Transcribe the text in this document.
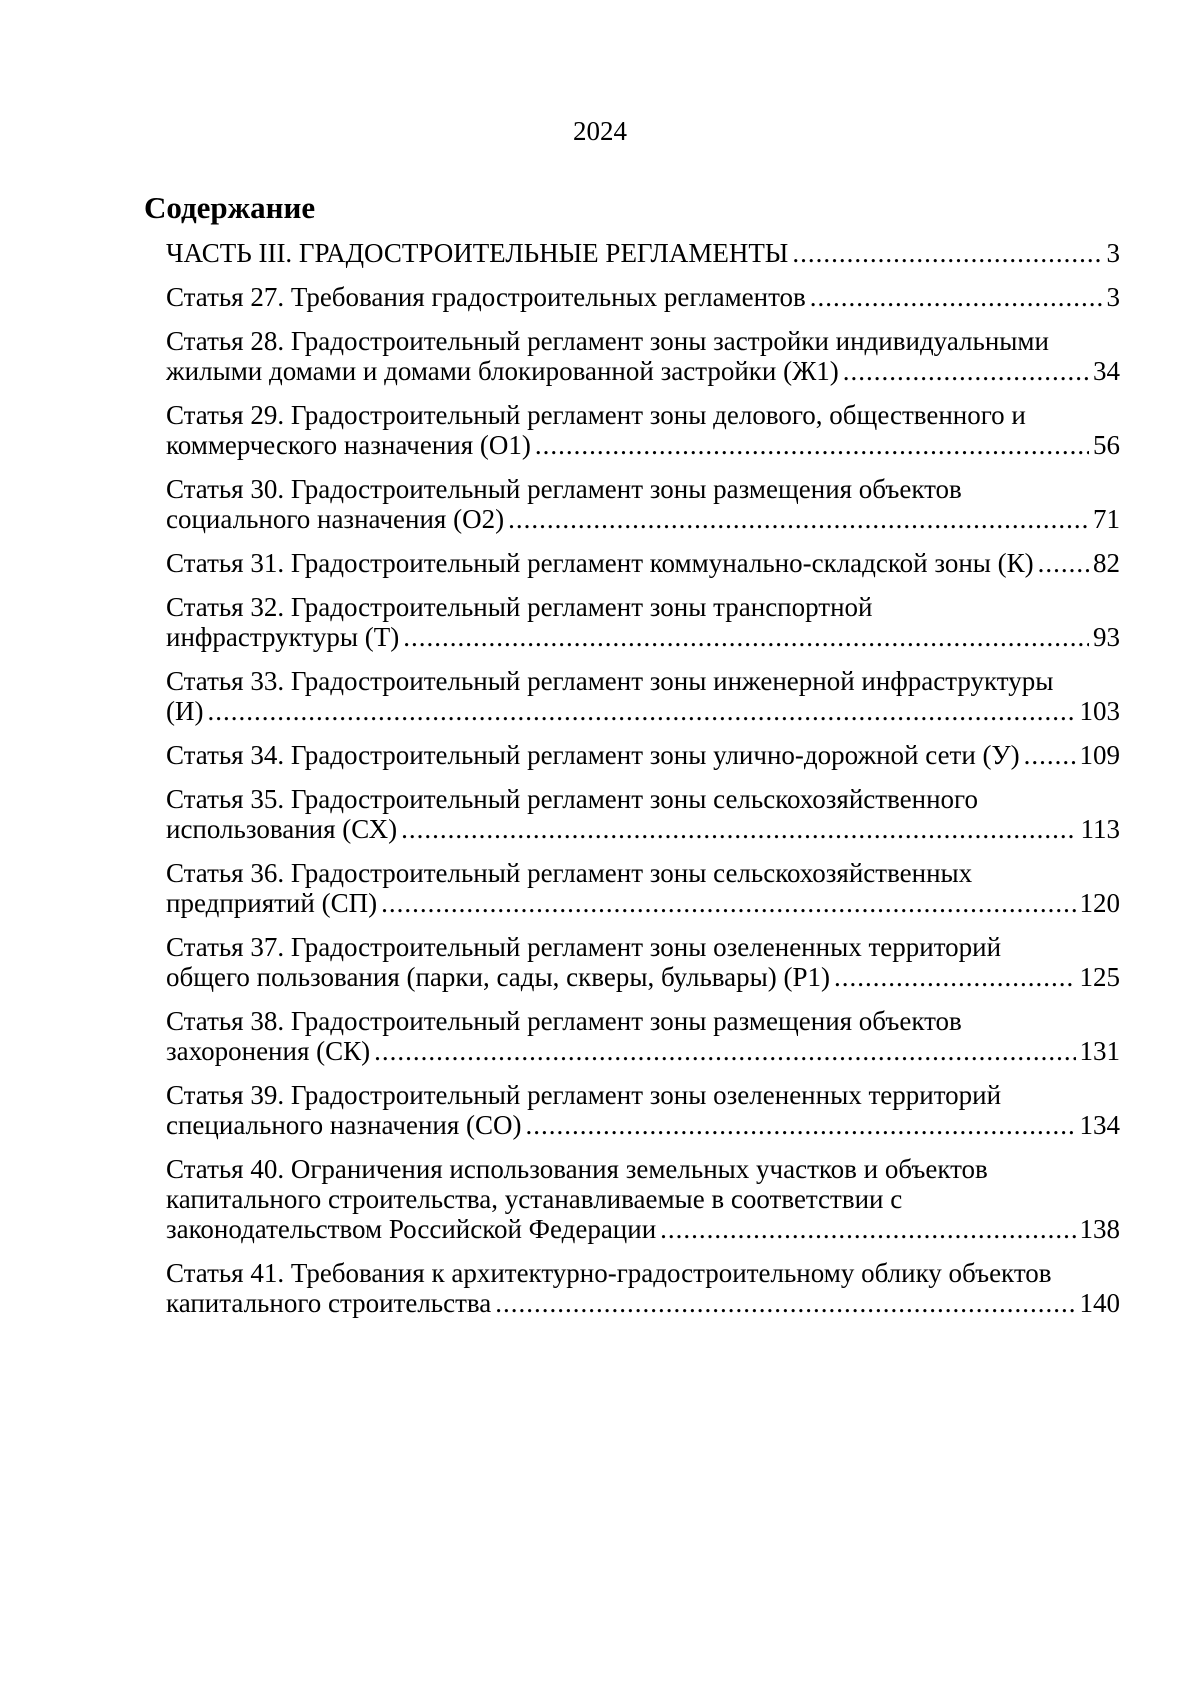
2024
Содержание
ЧАСТЬ III. ГРАДОСТРОИТЕЛЬНЫЕ РЕГЛАМЕНТЫ .....	3
Статья 27. Требования градостроительных регламентов .....	3
Статья 28. Градостроительный регламент зоны застройки индивидуальными
жилыми домами и домами блокированной застройки (Ж1) .....	34
Статья 29. Градостроительный регламент зоны делового, общественного и
коммерческого назначения (О1) .....	56
Статья 30. Градостроительный регламент зоны размещения объектов
социального назначения (О2) .....	71
Статья 31. Градостроительный регламент коммунально-складской зоны (К) ..... 82
Статья 32. Градостроительный регламент зоны транспортной
инфраструктуры (Т) .....	93
Статья 33. Градостроительный регламент зоны инженерной инфраструктуры
(И) .....	103
Статья 34. Градостроительный регламент зоны улично-дорожной сети (У) ..... 109
Статья 35. Градостроительный регламент зоны сельскохозяйственного
использования (СХ) .....	113
Статья 36. Градостроительный регламент зоны сельскохозяйственных
предприятий (СП) .....	120
Статья 37. Градостроительный регламент зоны озелененных территорий
общего пользования (парки, сады, скверы, бульвары) (Р1) .....	125
Статья 38. Градостроительный регламент зоны размещения объектов
захоронения (СК) .....	131
Статья 39. Градостроительный регламент зоны озелененных территорий
специального назначения (СО) .....	134
Статья 40. Ограничения использования земельных участков и объектов капитального строительства, устанавливаемые в соответствии с
законодательством Российской Федерации .....	138
Статья 41. Требования к архитектурно-градостроительному облику объектов
капитального строительства .....	140
